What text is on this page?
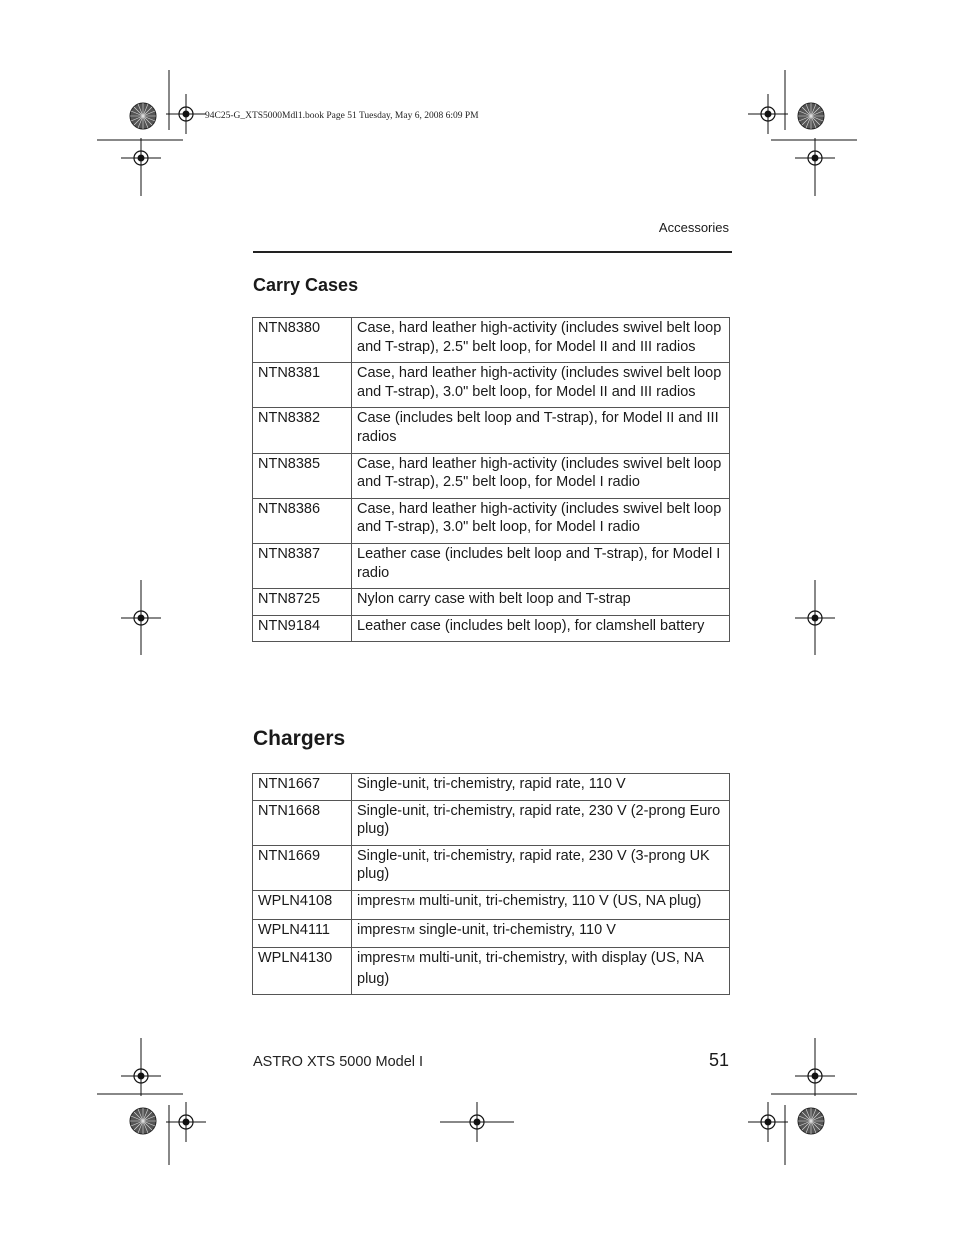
94C25-G_XTS5000Mdl1.book Page 51 Tuesday, May 6, 2008 6:09 PM
Accessories
Carry Cases
NTN8380	Case, hard leather high-activity (includes swivel belt loop and T-strap), 2.5" belt loop, for Model II and III radios
NTN8381	Case, hard leather high-activity (includes swivel belt loop and T-strap), 3.0" belt loop, for Model II and III radios
NTN8382	Case (includes belt loop and T-strap), for Model II and III radios
NTN8385	Case, hard leather high-activity (includes swivel belt loop and T-strap), 2.5" belt loop, for Model I radio
NTN8386	Case, hard leather high-activity (includes swivel belt loop and T-strap), 3.0" belt loop, for Model I radio
NTN8387	Leather case (includes belt loop and T-strap), for Model I radio
NTN8725	Nylon carry case with belt loop and T-strap
NTN9184	Leather case (includes belt loop), for clamshell battery
Chargers
NTN1667	Single-unit, tri-chemistry, rapid rate, 110 V
NTN1668	Single-unit, tri-chemistry, rapid rate, 230 V (2-prong Euro plug)
NTN1669	Single-unit, tri-chemistry, rapid rate, 230 V (3-prong UK plug)
WPLN4108	impresTM multi-unit, tri-chemistry, 110 V (US, NA plug)
WPLN4111	impresTM single-unit, tri-chemistry, 110 V
WPLN4130	impresTM multi-unit, tri-chemistry, with display (US, NA plug)
ASTRO XTS 5000 Model I	51
